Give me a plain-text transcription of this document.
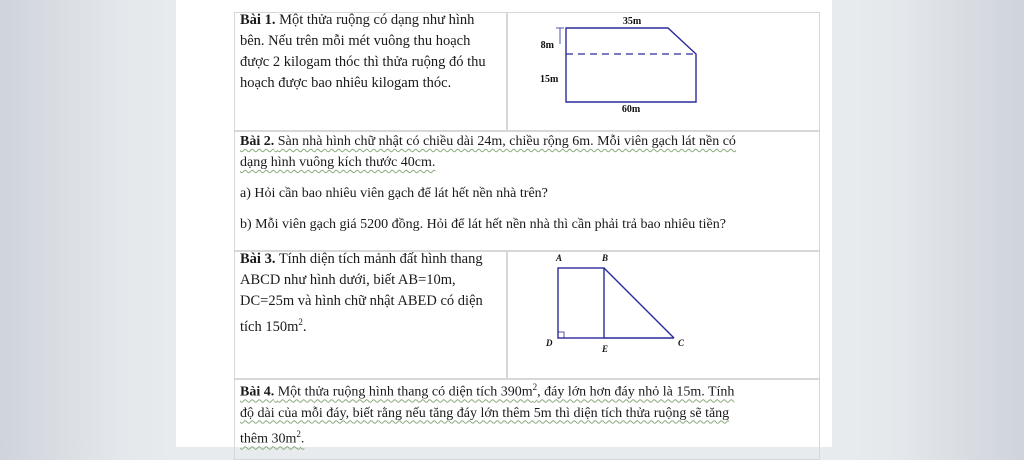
Bài 1. Một thửa ruộng có dạng như hình
bên. Nếu trên mỗi mét vuông thu hoạch
được 2 kilogam thóc thì thửa ruộng đó thu
hoạch được bao nhiêu kilogam thóc.
35m
8m
15m
60m
Bài 2. Sàn nhà hình chữ nhật có chiều dài 24m, chiều rộng 6m. Mỗi viên gạch lát nền có
dạng hình vuông kích thước 40cm.
a) Hỏi cần bao nhiêu viên gạch để lát hết nền nhà trên?
b) Mỗi viên gạch giá 5200 đồng. Hỏi để lát hết nền nhà thì cần phải trả bao nhiêu tiền?
Bài 3. Tính diện tích mảnh đất hình thang
ABCD như hình dưới, biết AB=10m,
DC=25m và hình chữ nhật ABED có diện
tích $150m^2$.
A	B
C
D
E
Bài 4. Một thửa ruộng hình thang có diện tích $390m^2$, đáy lớn hơn đáy nhỏ là 15m. Tính
độ dài của mỗi đáy, biết rằng nếu tăng đáy lớn thêm 5m thì diện tích thửa ruộng sẽ tăng
thêm $30m^2$.
